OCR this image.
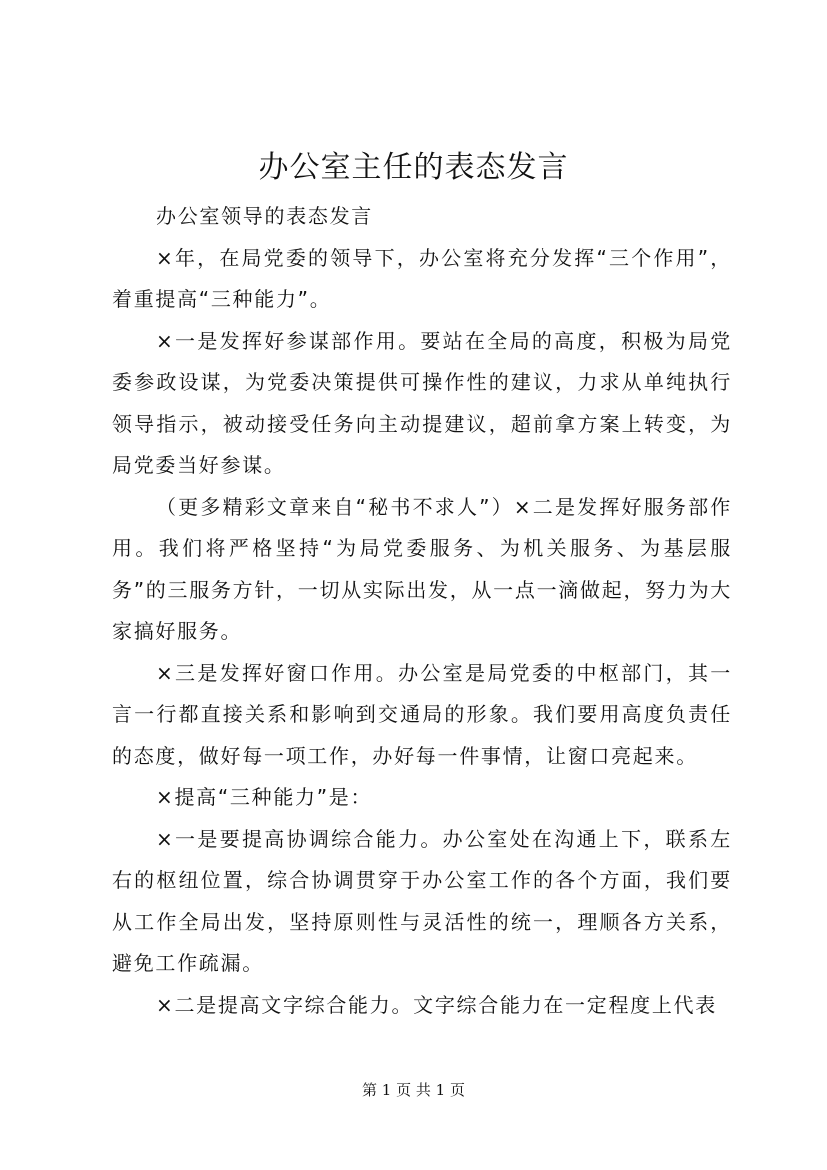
办公室主任的表态发言

办公室领导的表态发言

×年，在局党委的领导下，办公室将充分发挥“三个作用”，着重提高“三种能力”。

×一是发挥好参谋部作用。要站在全局的高度，积极为局党委参政设谋，为党委决策提供可操作性的建议，力求从单纯执行领导指示，被动接受任务向主动提建议，超前拿方案上转变，为局党委当好参谋。

（更多精彩文章来自“秘书不求人”）×二是发挥好服务部作用。我们将严格坚持“为局党委服务、为机关服务、为基层服务”的三服务方针，一切从实际出发，从一点一滴做起，努力为大家搞好服务。

×三是发挥好窗口作用。办公室是局党委的中枢部门，其一言一行都直接关系和影响到交通局的形象。我们要用高度负责任的态度，做好每一项工作，办好每一件事情，让窗口亮起来。

×提高“三种能力”是：

×一是要提高协调综合能力。办公室处在沟通上下，联系左右的枢纽位置，综合协调贯穿于办公室工作的各个方面，我们要从工作全局出发，坚持原则性与灵活性的统一，理顺各方关系，避免工作疏漏。

×二是提高文字综合能力。文字综合能力在一定程度上代表

第 1 页 共 1 页
